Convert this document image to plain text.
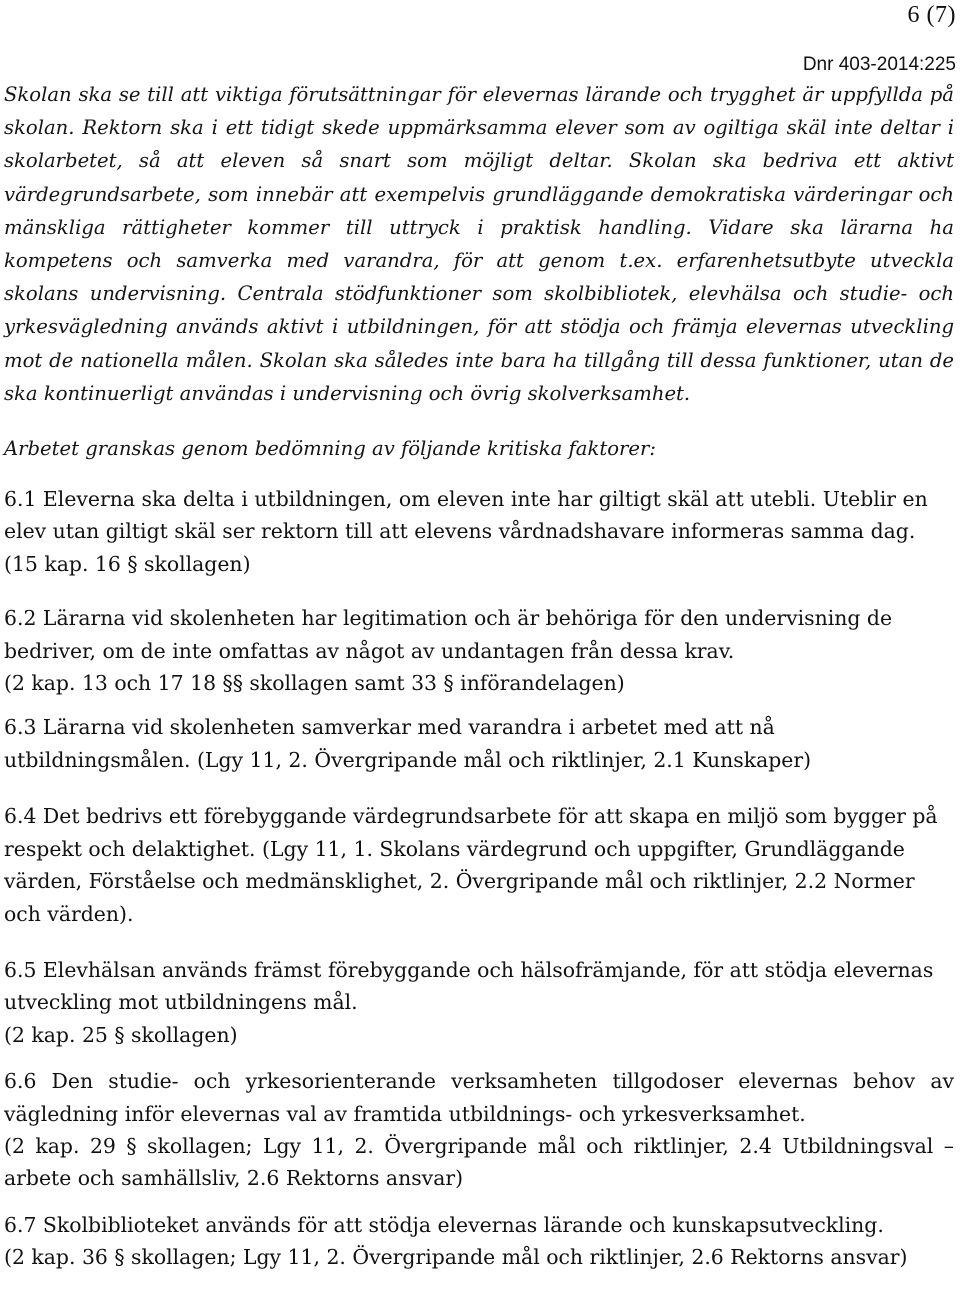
6 (7)
Dnr 403-2014:225

Skolan ska se till att viktiga förutsättningar för elevernas lärande och trygghet är uppfyllda på skolan. Rektorn ska i ett tidigt skede uppmärksamma elever som av ogiltiga skäl inte deltar i skolarbetet, så att eleven så snart som möjligt deltar. Skolan ska bedriva ett aktivt värdegrundsarbete, som innebär att exempelvis grundläggande demokratiska värderingar och mänskliga rättigheter kommer till uttryck i praktisk handling. Vidare ska lärarna ha kompetens och samverka med varandra, för att genom t.ex. erfarenhetsutbyte utveckla skolans undervisning. Centrala stödfunktioner som skolbibliotek, elevhälsa och studie- och yrkesvägledning används aktivt i utbildningen, för att stödja och främja elevernas utveckling mot de nationella målen. Skolan ska således inte bara ha tillgång till dessa funktioner, utan de ska kontinuerligt användas i undervisning och övrig skolverksamhet.

Arbetet granskas genom bedömning av följande kritiska faktorer:

6.1 Eleverna ska delta i utbildningen, om eleven inte har giltigt skäl att utebli. Uteblir en elev utan giltigt skäl ser rektorn till att elevens vårdnadshavare informeras samma dag.

(15 kap. 16 § skollagen)

6.2 Lärarna vid skolenheten har legitimation och är behöriga för den undervisning de bedriver, om de inte omfattas av något av undantagen från dessa krav.

(2 kap. 13 och 17 18 §§ skollagen samt 33 § införandelagen)

6.3 Lärarna vid skolenheten samverkar med varandra i arbetet med att nå utbildningsmålen. (Lgy 11, 2. Övergripande mål och riktlinjer, 2.1 Kunskaper)

6.4 Det bedrivs ett förebyggande värdegrundsarbete för att skapa en miljö som bygger på respekt och delaktighet. (Lgy 11, 1. Skolans värdegrund och uppgifter, Grundläggande värden, Förståelse och medmänsklighet, 2. Övergripande mål och riktlinjer, 2.2 Normer och värden).

6.5 Elevhälsan används främst förebyggande och hälsofrämjande, för att stödja elevernas utveckling mot utbildningens mål.

(2 kap. 25 § skollagen)

6.6 Den studie- och yrkesorienterande verksamheten tillgodoser elevernas behov av vägledning inför elevernas val av framtida utbildnings- och yrkesverksamhet.

(2 kap. 29 § skollagen; Lgy 11, 2. Övergripande mål och riktlinjer, 2.4 Utbildningsval – arbete och samhällsliv, 2.6 Rektorns ansvar)

6.7 Skolbiblioteket används för att stödja elevernas lärande och kunskapsutveckling.

(2 kap. 36 § skollagen; Lgy 11, 2. Övergripande mål och riktlinjer, 2.6 Rektorns ansvar)
